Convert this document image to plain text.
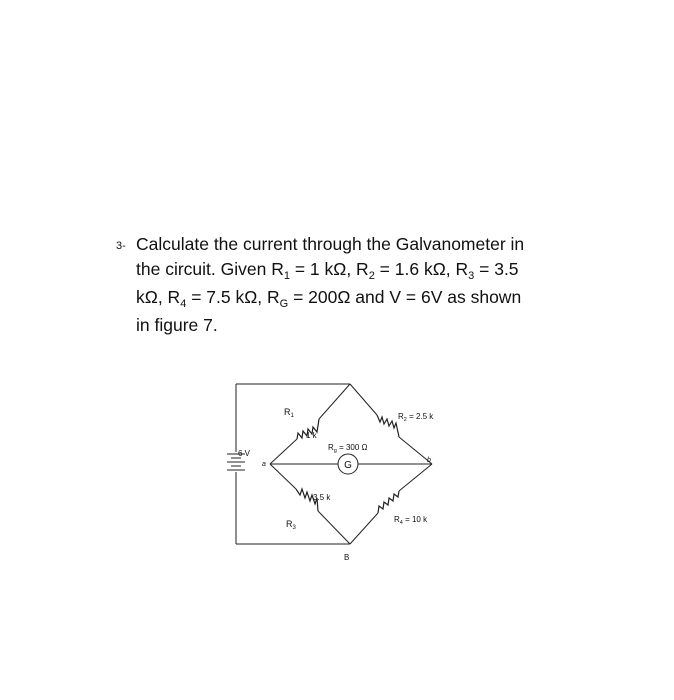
3- Calculate the current through the Galvanometer in
the circuit. Given $R_1 = 1$ kΩ, $R_2 = 1.6$ kΩ, $R_3 = 3.5$
kΩ, $R_4 = 7.5$ kΩ, $R_G = 200\Omega$ and V = 6V as shown
in figure 7.
G
$R_1$
1 k
$R_2 = 2.5$ k
$R_g = 300$ Ω
3.5 k
$R_3$
$R_4 = 10$ k
6 V
a
b
B
